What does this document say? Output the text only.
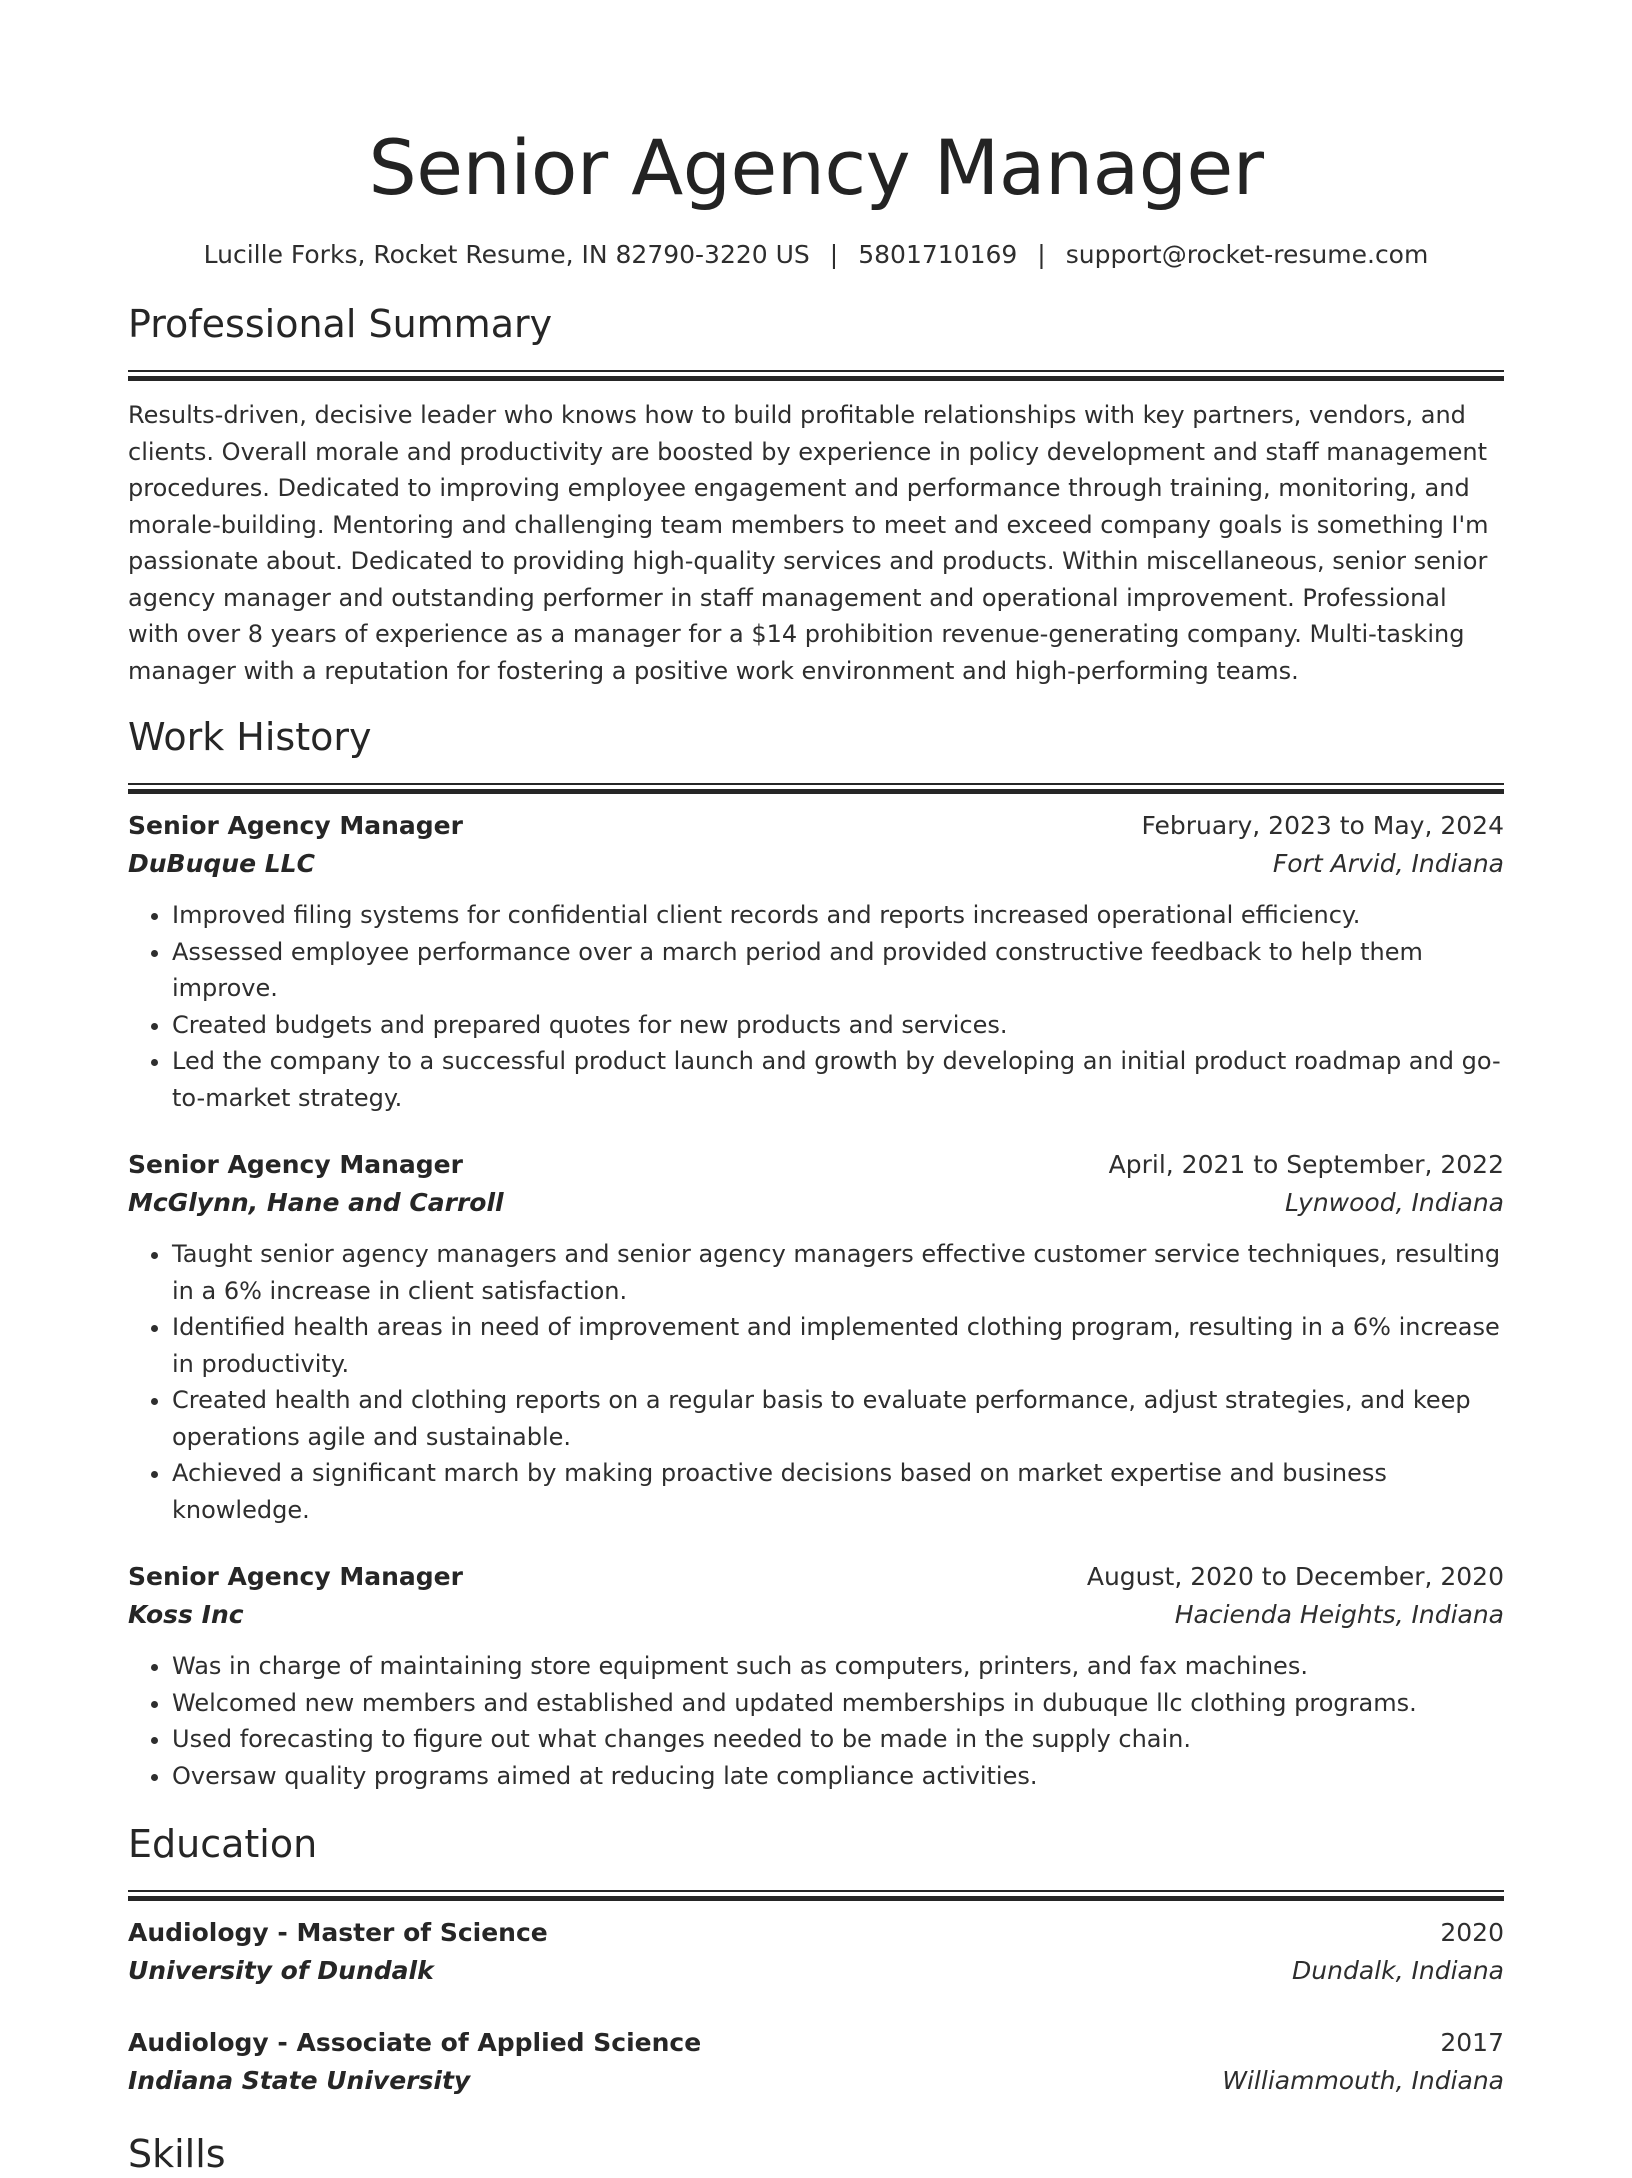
Senior Agency Manager
Lucille Forks, Rocket Resume, IN 82790-3220 US | 5801710169 | support@rocket-resume.com
Professional Summary

Results-driven, decisive leader who knows how to build profitable relationships with key partners, vendors, and clients. Overall morale and productivity are boosted by experience in policy development and staff management procedures. Dedicated to improving employee engagement and performance through training, monitoring, and morale-building. Mentoring and challenging team members to meet and exceed company goals is something I'm passionate about. Dedicated to providing high-quality services and products. Within miscellaneous, senior senior agency manager and outstanding performer in staff management and operational improvement. Professional with over 8 years of experience as a manager for a $14 prohibition revenue-generating company. Multi-tasking manager with a reputation for fostering a positive work environment and high-performing teams.

Work History
Senior Agency Manager	February, 2023 to May, 2024
DuBuque LLC	Fort Arvid, Indiana
• Improved filing systems for confidential client records and reports increased operational efficiency.
• Assessed employee performance over a march period and provided constructive feedback to help them improve.
• Created budgets and prepared quotes for new products and services.
• Led the company to a successful product launch and growth by developing an initial product roadmap and go-to-market strategy.
Senior Agency Manager	April, 2021 to September, 2022
McGlynn, Hane and Carroll	Lynwood, Indiana
• Taught senior agency managers and senior agency managers effective customer service techniques, resulting in a 6% increase in client satisfaction.
• Identified health areas in need of improvement and implemented clothing program, resulting in a 6% increase in productivity.
• Created health and clothing reports on a regular basis to evaluate performance, adjust strategies, and keep operations agile and sustainable.
• Achieved a significant march by making proactive decisions based on market expertise and business knowledge.
Senior Agency Manager	August, 2020 to December, 2020
Koss Inc	Hacienda Heights, Indiana
• Was in charge of maintaining store equipment such as computers, printers, and fax machines.
• Welcomed new members and established and updated memberships in dubuque llc clothing programs.
• Used forecasting to figure out what changes needed to be made in the supply chain.
• Oversaw quality programs aimed at reducing late compliance activities.
Education
Audiology - Master of Science	2020
University of Dundalk	Dundalk, Indiana
Audiology - Associate of Applied Science	2017
Indiana State University	Williammouth, Indiana
Skills
